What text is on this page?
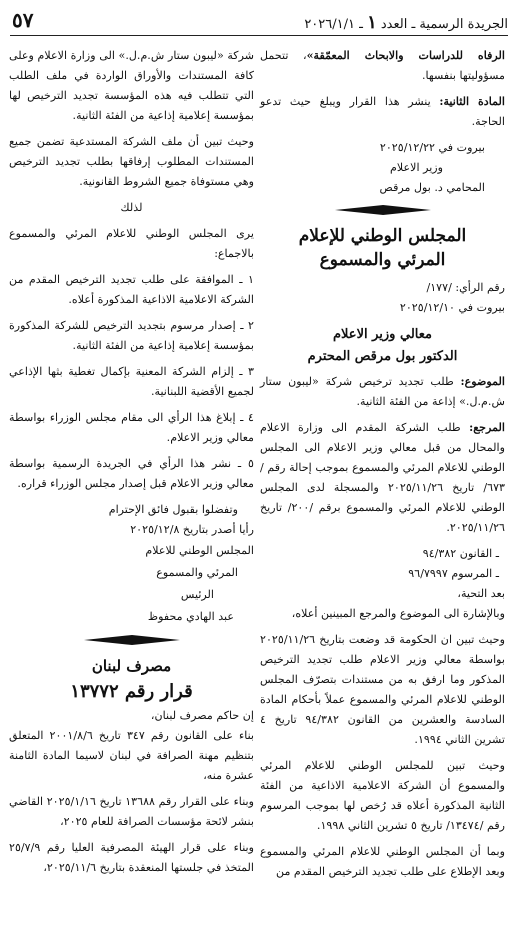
الجريدة الرسمية ـ العدد ١ ـ ٢٠٢٦/١/١
٥٧

الرفاه للدراسات والابحاث المعمّقة»، تتحمل مسؤوليتها بنفسها.

المادة الثانية: ينشر هذا القرار ويبلغ حيث تدعو الحاجة.

بيروت في ٢٠٢٥/١٢/٢٢
وزير الاعلام
المحامي د. بول مرقص
المجلس الوطني للإعلام
المرئي والمسموع
رقم الرأي: /١٧٧/
بيروت في ٢٠٢٥/١٢/١٠
معالي وزير الاعلام
الدكتور بول مرقص المحترم

الموضوع: طلب تجديد ترخيص شركة «ليبون ستار ش.م.ل.» إذاعة من الفئة الثانية.

المرجع: طلب الشركة المقدم الى وزارة الاعلام والمحال من قبل معالي وزير الاعلام الى المجلس الوطني للاعلام المرئي والمسموع بموجب إحالة رقم /٦٧٣/ تاريخ ٢٠٢٥/١١/٢٦ والمسجلة لدى المجلس الوطني للاعلام المرئي والمسموع برقم /٢٠٠/ تاريخ ٢٠٢٥/١١/٢٦.

ـ القانون ٩٤/٣٨٢
ـ المرسوم ٩٦/٧٩٩٧
بعد التحية،

وبالإشارة الى الموضوع والمرجع المبينين أعلاه،

وحيث تبين ان الحكومة قد وضعت بتاريخ ٢٠٢٥/١١/٢٦ بواسطة معالي وزير الاعلام طلب تجديد الترخيص المذكور وما ارفق به من مستندات بتصرّف المجلس الوطني للاعلام المرئي والمسموع عملاً بأحكام المادة السادسة والعشرين من القانون ٩٤/٣٨٢ تاريخ ٤ تشرين الثاني ١٩٩٤.

وحيث تبين للمجلس الوطني للاعلام المرئي والمسموع أن الشركة الاعلامية الاذاعية من الفئة الثانية المذكورة أعلاه قد رُخص لها بموجب المرسوم رقم /١٣٤٧٤/ تاريخ ٥ تشرين الثاني ١٩٩٨.

وبما أن المجلس الوطني للاعلام المرئي والمسموع وبعد الإطلاع على طلب تجديد الترخيص المقدم من

شركة «ليبون ستار ش.م.ل.» الى وزارة الاعلام وعلى كافة المستندات والأوراق الواردة في ملف الطلب التي تتطلب فيه هذه المؤسسة تجديد الترخيص لها بمؤسسة إعلامية إذاعية من الفئة الثانية.

وحيث تبين أن ملف الشركة المستدعية تضمن جميع المستندات المطلوب إرفاقها بطلب تجديد الترخيص وهي مستوفاة جميع الشروط القانونية.

لذلك

يرى المجلس الوطني للاعلام المرئي والمسموع بالاجماع:

١ ـ الموافقة على طلب تجديد الترخيص المقدم من الشركة الاعلامية الاذاعية المذكورة أعلاه.

٢ ـ إصدار مرسوم بتجديد الترخيص للشركة المذكورة بمؤسسة إعلامية إذاعية من الفئة الثانية.

٣ ـ إلزام الشركة المعنية بإكمال تغطية بثها الإذاعي لجميع الأقضية اللبنانية.

٤ ـ إبلاغ هذا الرأي الى مقام مجلس الوزراء بواسطة معالي وزير الاعلام.

٥ ـ نشر هذا الرأي في الجريدة الرسمية بواسطة معالي وزير الاعلام قبل إصدار مجلس الوزراء قراره.

وتفضلوا بقبول فائق الإحترام
رأيا أصدر بتاريخ ٢٠٢٥/١٢/٨
المجلس الوطني للاعلام
المرئي والمسموع
الرئيس
عبد الهادي محفوظ
مصرف لبنان
قرار رقم ١٣٧٧٢
إن حاكم مصرف لبنان،

بناء على القانون رقم ٣٤٧ تاريخ ٢٠٠١/٨/٦ المتعلق بتنظيم مهنة الصرافة في لبنان لاسيما المادة الثامنة عشرة منه،

وبناء على القرار رقم ١٣٦٨٨ تاريخ ٢٠٢٥/١/١٦ القاضي بنشر لائحة مؤسسات الصرافة للعام ٢٠٢٥،

وبناء على قرار الهيئة المصرفية العليا رقم ٢٥/٧/٩ المتخذ في جلستها المنعقدة بتاريخ ٢٠٢٥/١١/٦،
